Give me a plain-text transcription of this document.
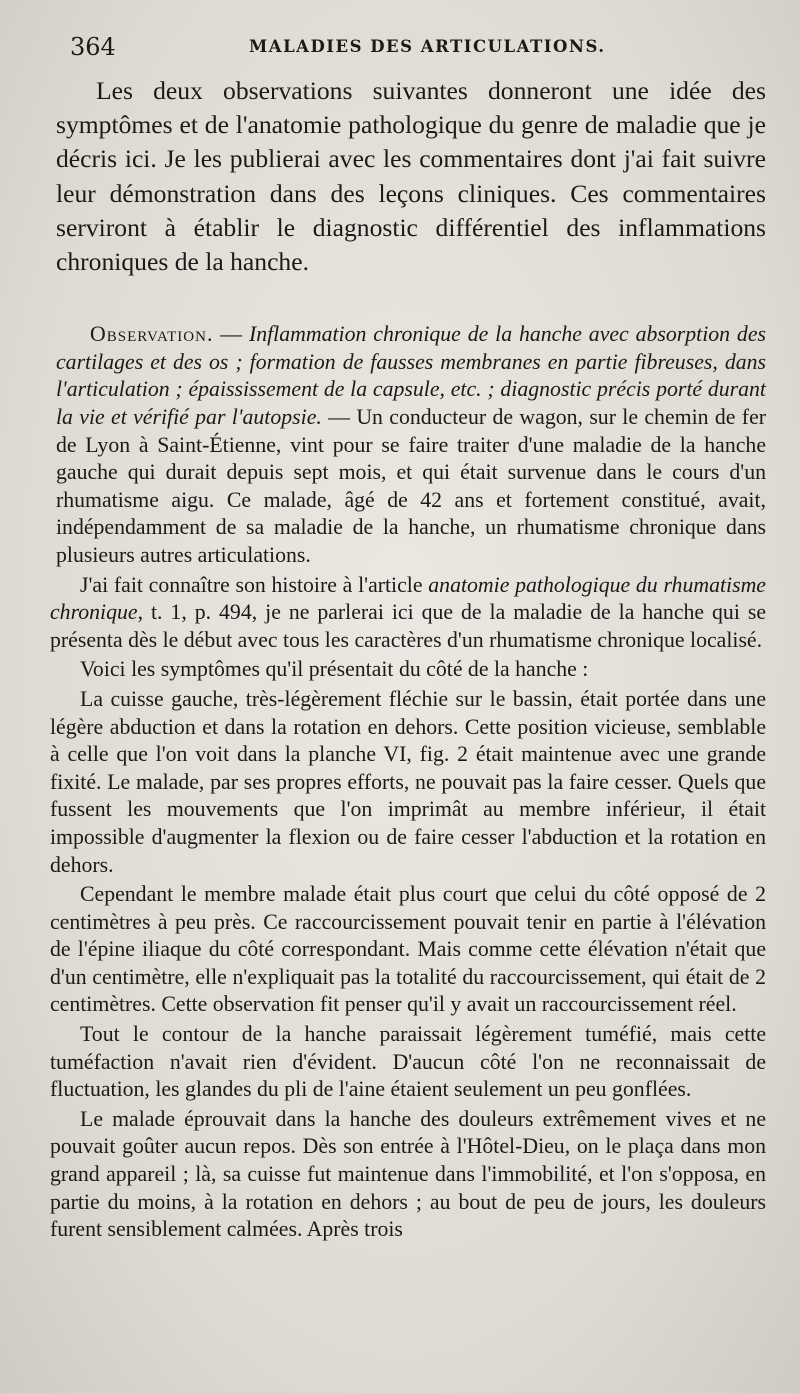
364	MALADIES DES ARTICULATIONS.

Les deux observations suivantes donneront une idée des symptômes et de l'anatomie pathologique du genre de maladie que je décris ici. Je les publierai avec les commentaires dont j'ai fait suivre leur démonstration dans des leçons cliniques. Ces commentaires serviront à établir le diagnostic différentiel des inflammations chroniques de la hanche.

Observation. — Inflammation chronique de la hanche avec absorption des cartilages et des os ; formation de fausses membranes en partie fibreuses, dans l'articulation ; épaississement de la capsule, etc. ; diagnostic précis porté durant la vie et vérifié par l'autopsie. — Un conducteur de wagon, sur le chemin de fer de Lyon à Saint-Étienne, vint pour se faire traiter d'une maladie de la hanche gauche qui durait depuis sept mois, et qui était survenue dans le cours d'un rhumatisme aigu. Ce malade, âgé de 42 ans et fortement constitué, avait, indépendamment de sa maladie de la hanche, un rhumatisme chronique dans plusieurs autres articulations.

J'ai fait connaître son histoire à l'article anatomie pathologique du rhumatisme chronique, t. 1, p. 494, je ne parlerai ici que de la maladie de la hanche qui se présenta dès le début avec tous les caractères d'un rhumatisme chronique localisé.

Voici les symptômes qu'il présentait du côté de la hanche :

La cuisse gauche, très-légèrement fléchie sur le bassin, était portée dans une légère abduction et dans la rotation en dehors. Cette position vicieuse, semblable à celle que l'on voit dans la planche VI, fig. 2 était maintenue avec une grande fixité. Le malade, par ses propres efforts, ne pouvait pas la faire cesser. Quels que fussent les mouvements que l'on imprimât au membre inférieur, il était impossible d'augmenter la flexion ou de faire cesser l'abduction et la rotation en dehors.

Cependant le membre malade était plus court que celui du côté opposé de 2 centimètres à peu près. Ce raccourcissement pouvait tenir en partie à l'élévation de l'épine iliaque du côté correspondant. Mais comme cette élévation n'était que d'un centimètre, elle n'expliquait pas la totalité du raccourcissement, qui était de 2 centimètres. Cette observation fit penser qu'il y avait un raccourcissement réel.

Tout le contour de la hanche paraissait légèrement tuméfié, mais cette tuméfaction n'avait rien d'évident. D'aucun côté l'on ne reconnaissait de fluctuation, les glandes du pli de l'aine étaient seulement un peu gonflées.

Le malade éprouvait dans la hanche des douleurs extrêmement vives et ne pouvait goûter aucun repos. Dès son entrée à l'Hôtel-Dieu, on le plaça dans mon grand appareil ; là, sa cuisse fut maintenue dans l'immobilité, et l'on s'opposa, en partie du moins, à la rotation en dehors ; au bout de peu de jours, les douleurs furent sensiblement calmées. Après trois
